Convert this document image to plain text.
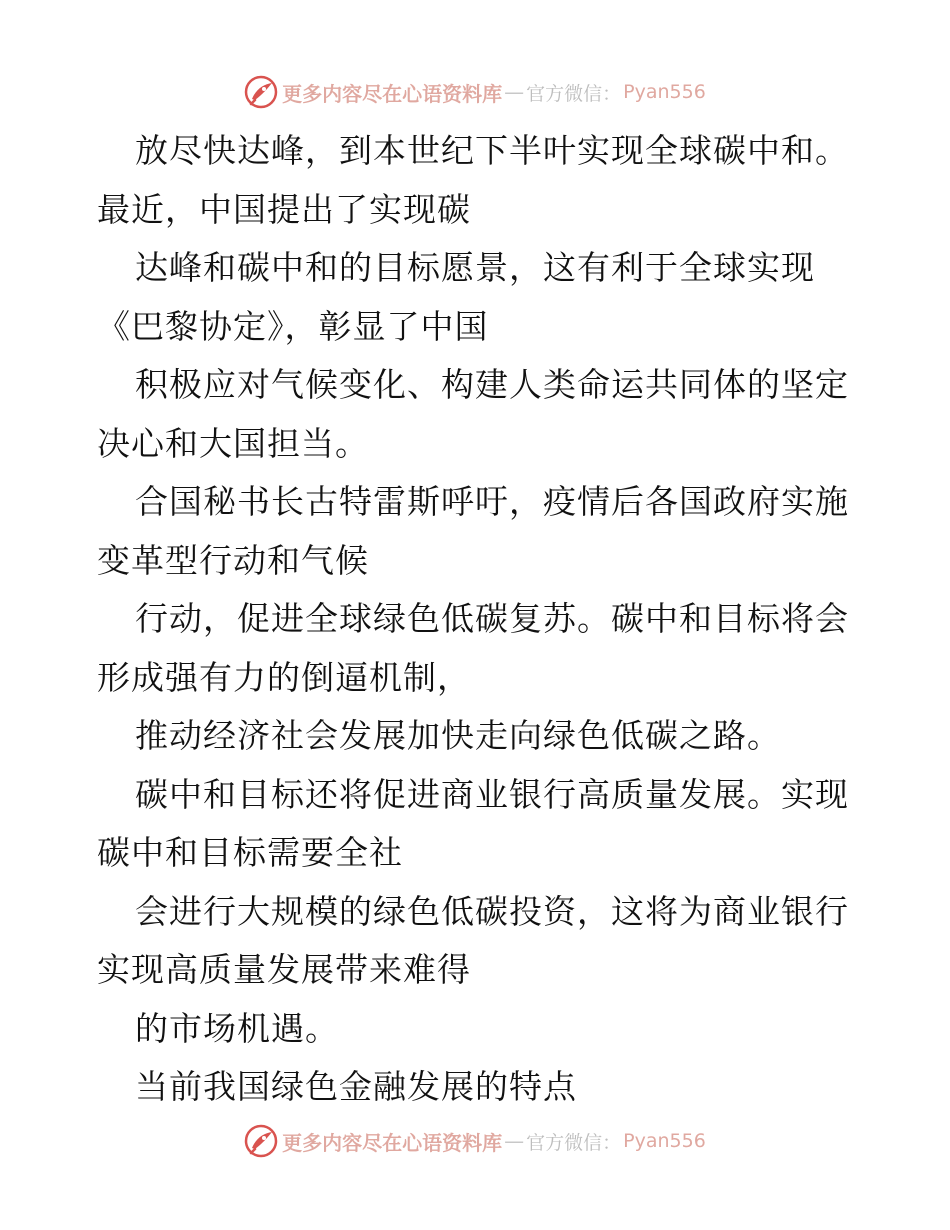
更多内容尽在心语资料库 — 官方微信： Pyan556

放尽快达峰，到本世纪下半叶实现全球碳中和。最近，中国提出了实现碳

达峰和碳中和的目标愿景，这有利于全球实现《巴黎协定》，彰显了中国

积极应对气候变化、构建人类命运共同体的坚定决心和大国担当。

合国秘书长古特雷斯呼吁，疫情后各国政府实施变革型行动和气候

行动，促进全球绿色低碳复苏。碳中和目标将会形成强有力的倒逼机制，

推动经济社会发展加快走向绿色低碳之路。

碳中和目标还将促进商业银行高质量发展。实现碳中和目标需要全社

会进行大规模的绿色低碳投资，这将为商业银行实现高质量发展带来难得

的市场机遇。

当前我国绿色金融发展的特点

更多内容尽在心语资料库 — 官方微信： Pyan556
